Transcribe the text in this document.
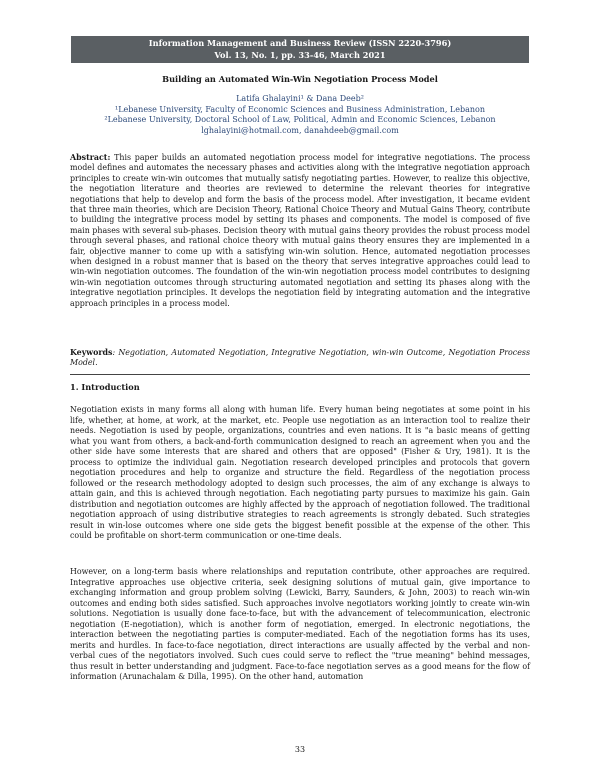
Information Management and Business Review (ISSN 2220-3796)
Vol. 13, No. 1, pp. 33-46, March 2021
Building an Automated Win-Win Negotiation Process Model
Latifa Ghalayini¹ & Dana Deeb²
¹Lebanese University, Faculty of Economic Sciences and Business Administration, Lebanon
²Lebanese University, Doctoral School of Law, Political, Admin and Economic Sciences, Lebanon
lghalayini@hotmail.com, danahdeeb@gmail.com
Abstract: This paper builds an automated negotiation process model for integrative negotiations. The process model defines and automates the necessary phases and activities along with the integrative negotiation approach principles to create win-win outcomes that mutually satisfy negotiating parties. However, to realize this objective, the negotiation literature and theories are reviewed to determine the relevant theories for integrative negotiations that help to develop and form the basis of the process model. After investigation, it became evident that three main theories, which are Decision Theory, Rational Choice Theory and Mutual Gains Theory, contribute to building the integrative process model by setting its phases and components. The model is composed of five main phases with several sub-phases. Decision theory with mutual gains theory provides the robust process model through several phases, and rational choice theory with mutual gains theory ensures they are implemented in a fair, objective manner to come up with a satisfying win-win solution. Hence, automated negotiation processes when designed in a robust manner that is based on the theory that serves integrative approaches could lead to win-win negotiation outcomes. The foundation of the win-win negotiation process model contributes to designing win-win negotiation outcomes through structuring automated negotiation and setting its phases along with the integrative negotiation principles. It develops the negotiation field by integrating automation and the integrative approach principles in a process model.
Keywords: Negotiation, Automated Negotiation, Integrative Negotiation, win-win Outcome, Negotiation Process Model.
1. Introduction
Negotiation exists in many forms all along with human life. Every human being negotiates at some point in his life, whether, at home, at work, at the market, etc. People use negotiation as an interaction tool to realize their needs. Negotiation is used by people, organizations, countries and even nations. It is "a basic means of getting what you want from others, a back-and-forth communication designed to reach an agreement when you and the other side have some interests that are shared and others that are opposed" (Fisher & Ury, 1981). It is the process to optimize the individual gain. Negotiation research developed principles and protocols that govern negotiation procedures and help to organize and structure the field. Regardless of the negotiation process followed or the research methodology adopted to design such processes, the aim of any exchange is always to attain gain, and this is achieved through negotiation. Each negotiating party pursues to maximize his gain. Gain distribution and negotiation outcomes are highly affected by the approach of negotiation followed. The traditional negotiation approach of using distributive strategies to reach agreements is strongly debated. Such strategies result in win-lose outcomes where one side gets the biggest benefit possible at the expense of the other. This could be profitable on short-term communication or one-time deals.
However, on a long-term basis where relationships and reputation contribute, other approaches are required. Integrative approaches use objective criteria, seek designing solutions of mutual gain, give importance to exchanging information and group problem solving (Lewicki, Barry, Saunders, & John, 2003) to reach win-win outcomes and ending both sides satisfied. Such approaches involve negotiators working jointly to create win-win solutions. Negotiation is usually done face-to-face, but with the advancement of telecommunication, electronic negotiation (E-negotiation), which is another form of negotiation, emerged. In electronic negotiations, the interaction between the negotiating parties is computer-mediated. Each of the negotiation forms has its uses, merits and hurdles. In face-to-face negotiation, direct interactions are usually affected by the verbal and non-verbal cues of the negotiators involved. Such cues could serve to reflect the "true meaning" behind messages, thus result in better understanding and judgment. Face-to-face negotiation serves as a good means for the flow of information (Arunachalam & Dilla, 1995). On the other hand, automation
33
